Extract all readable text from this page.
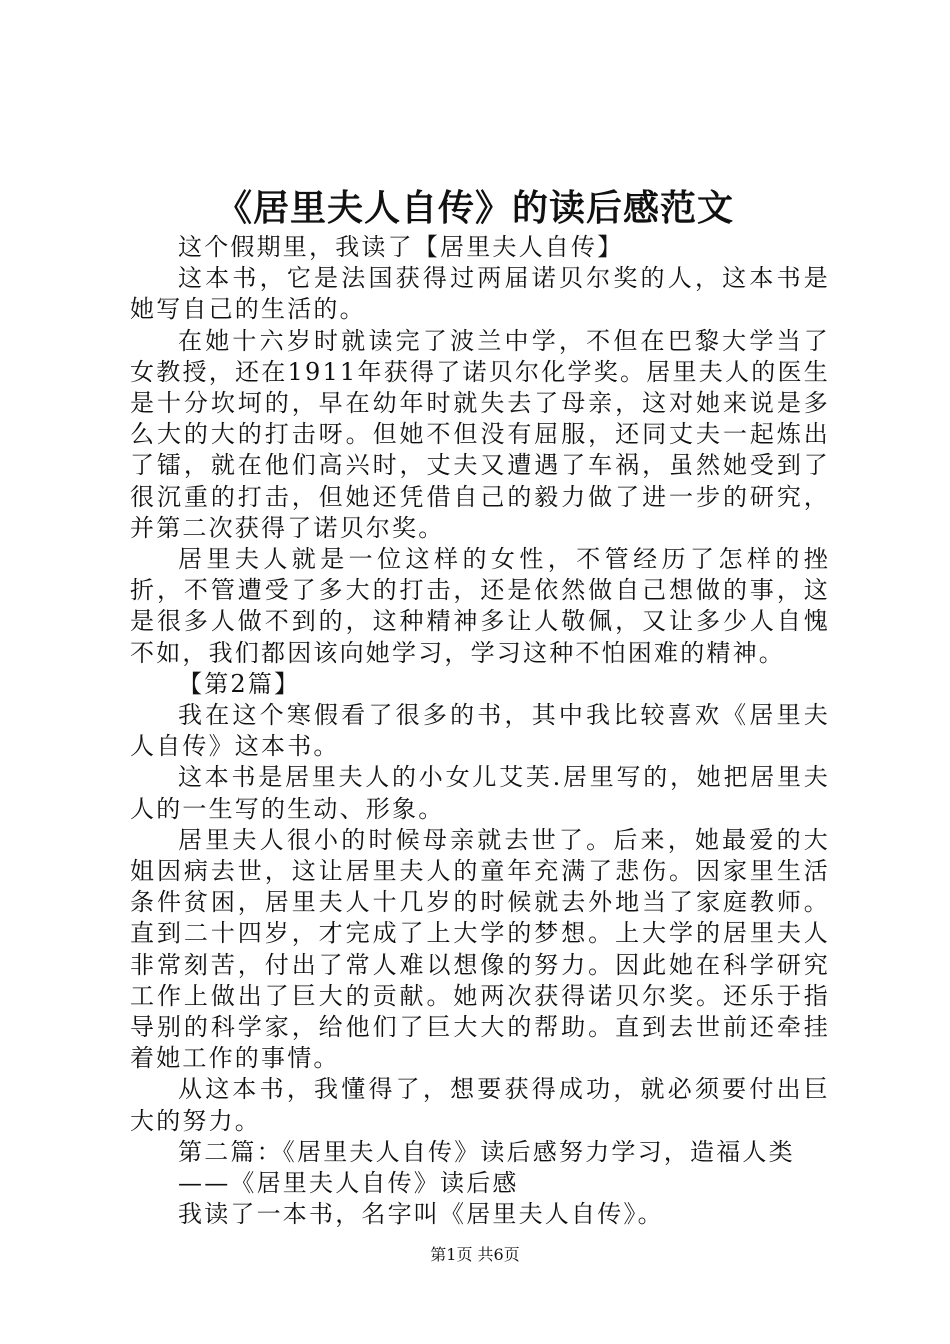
《居里夫人自传》的读后感范文

这个假期里，我读了【居里夫人自传】

这本书，它是法国获得过两届诺贝尔奖的人，这本书是她写自己的生活的。

在她十六岁时就读完了波兰中学，不但在巴黎大学当了女教授，还在1911年获得了诺贝尔化学奖。居里夫人的医生是十分坎坷的，早在幼年时就失去了母亲，这对她来说是多么大的大的打击呀。但她不但没有屈服，还同丈夫一起炼出了镭，就在他们高兴时，丈夫又遭遇了车祸，虽然她受到了很沉重的打击，但她还凭借自己的毅力做了进一步的研究，并第二次获得了诺贝尔奖。

居里夫人就是一位这样的女性，不管经历了怎样的挫折，不管遭受了多大的打击，还是依然做自己想做的事，这是很多人做不到的，这种精神多让人敬佩，又让多少人自愧不如，我们都因该向她学习，学习这种不怕困难的精神。

【第2篇】

我在这个寒假看了很多的书，其中我比较喜欢《居里夫人自传》这本书。

这本书是居里夫人的小女儿艾芙.居里写的，她把居里夫人的一生写的生动、形象。

居里夫人很小的时候母亲就去世了。后来，她最爱的大姐因病去世，这让居里夫人的童年充满了悲伤。因家里生活条件贫困，居里夫人十几岁的时候就去外地当了家庭教师。直到二十四岁，才完成了上大学的梦想。上大学的居里夫人非常刻苦，付出了常人难以想像的努力。因此她在科学研究工作上做出了巨大的贡献。她两次获得诺贝尔奖。还乐于指导别的科学家，给他们了巨大大的帮助。直到去世前还牵挂着她工作的事情。

从这本书，我懂得了，想要获得成功，就必须要付出巨大的努力。

第二篇：《居里夫人自传》读后感努力学习，造福人类

——《居里夫人自传》读后感

我读了一本书，名字叫《居里夫人自传》。

第1页 共6页
